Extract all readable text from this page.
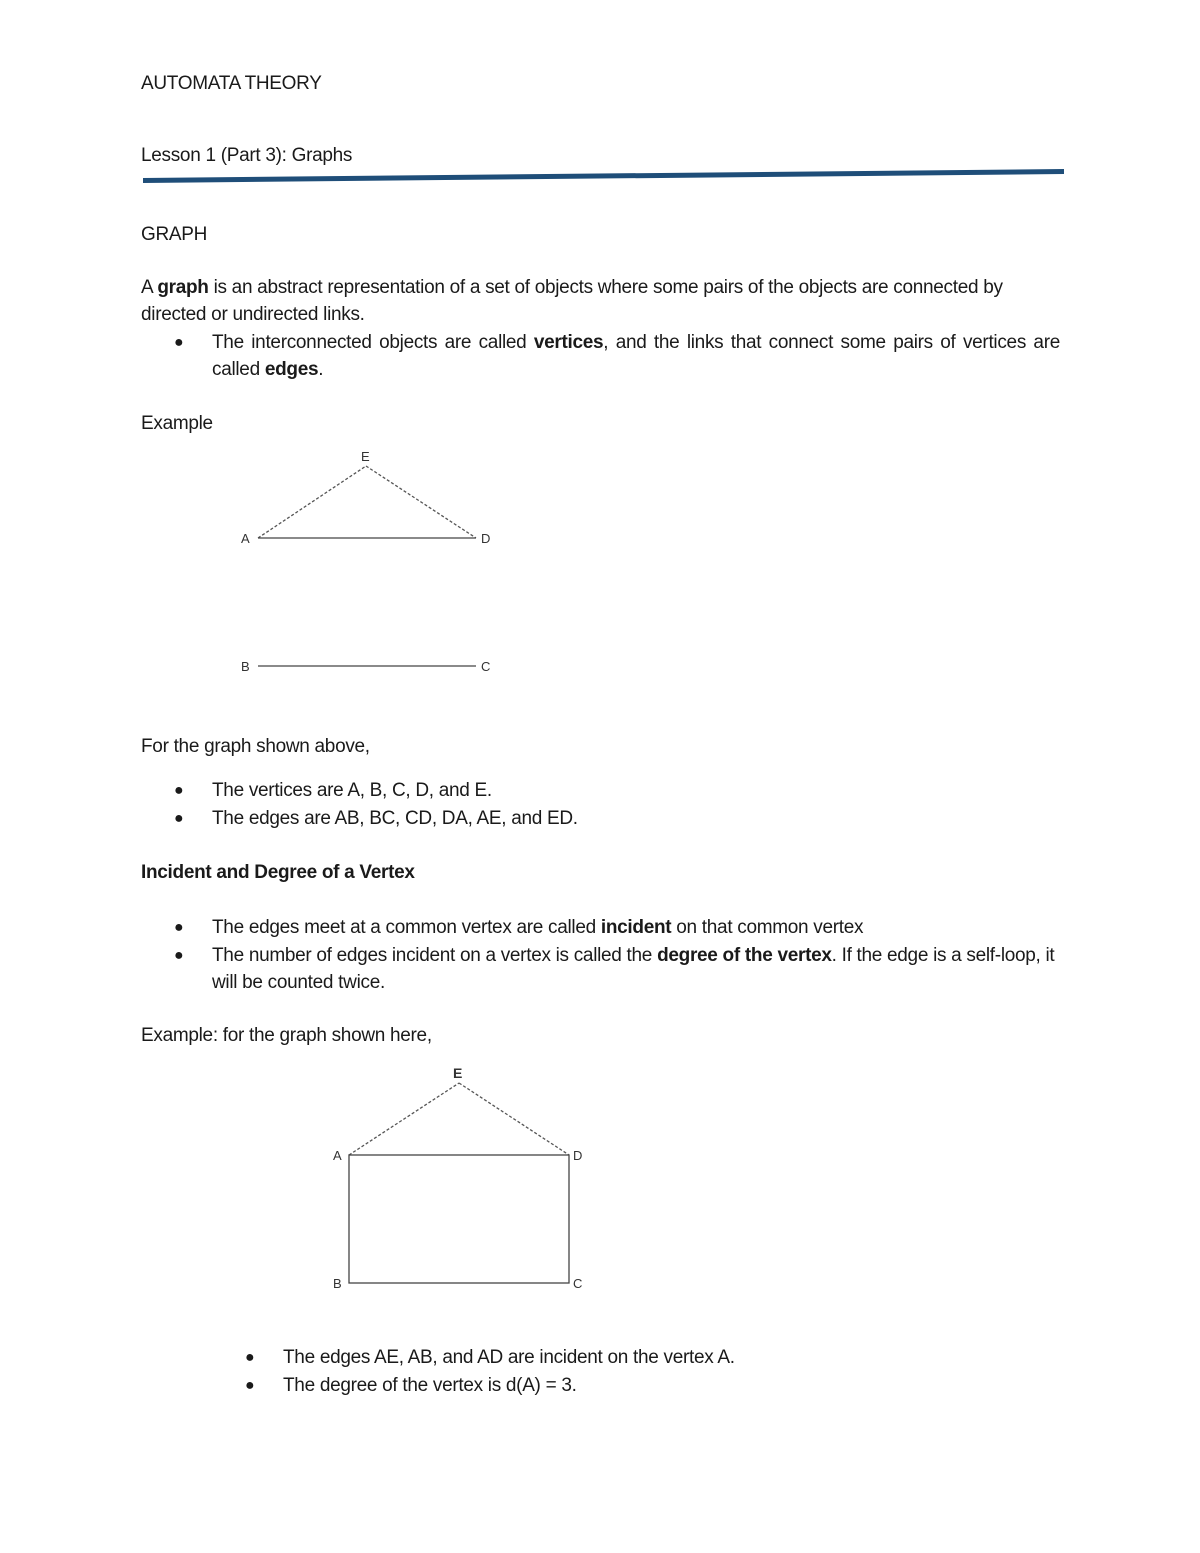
AUTOMATA THEORY
Lesson 1 (Part 3): Graphs
E
A	D
B	C
E
A	D
B	C
GRAPH
A graph is an abstract representation of a set of objects where some pairs of the objects are connected by directed or undirected links.
● The interconnected objects are called vertices, and the links that connect some pairs of vertices are called edges.
Example
For the graph shown above,
● The vertices are A, B, C, D, and E.
● The edges are AB, BC, CD, DA, AE, and ED.
Incident and Degree of a Vertex
● The edges meet at a common vertex are called incident on that common vertex
● The number of edges incident on a vertex is called the degree of the vertex. If the edge is a self-loop, it will be counted twice.
Example: for the graph shown here,
● The edges AE, AB, and AD are incident on the vertex A.
● The degree of the vertex is d(A) = 3.
